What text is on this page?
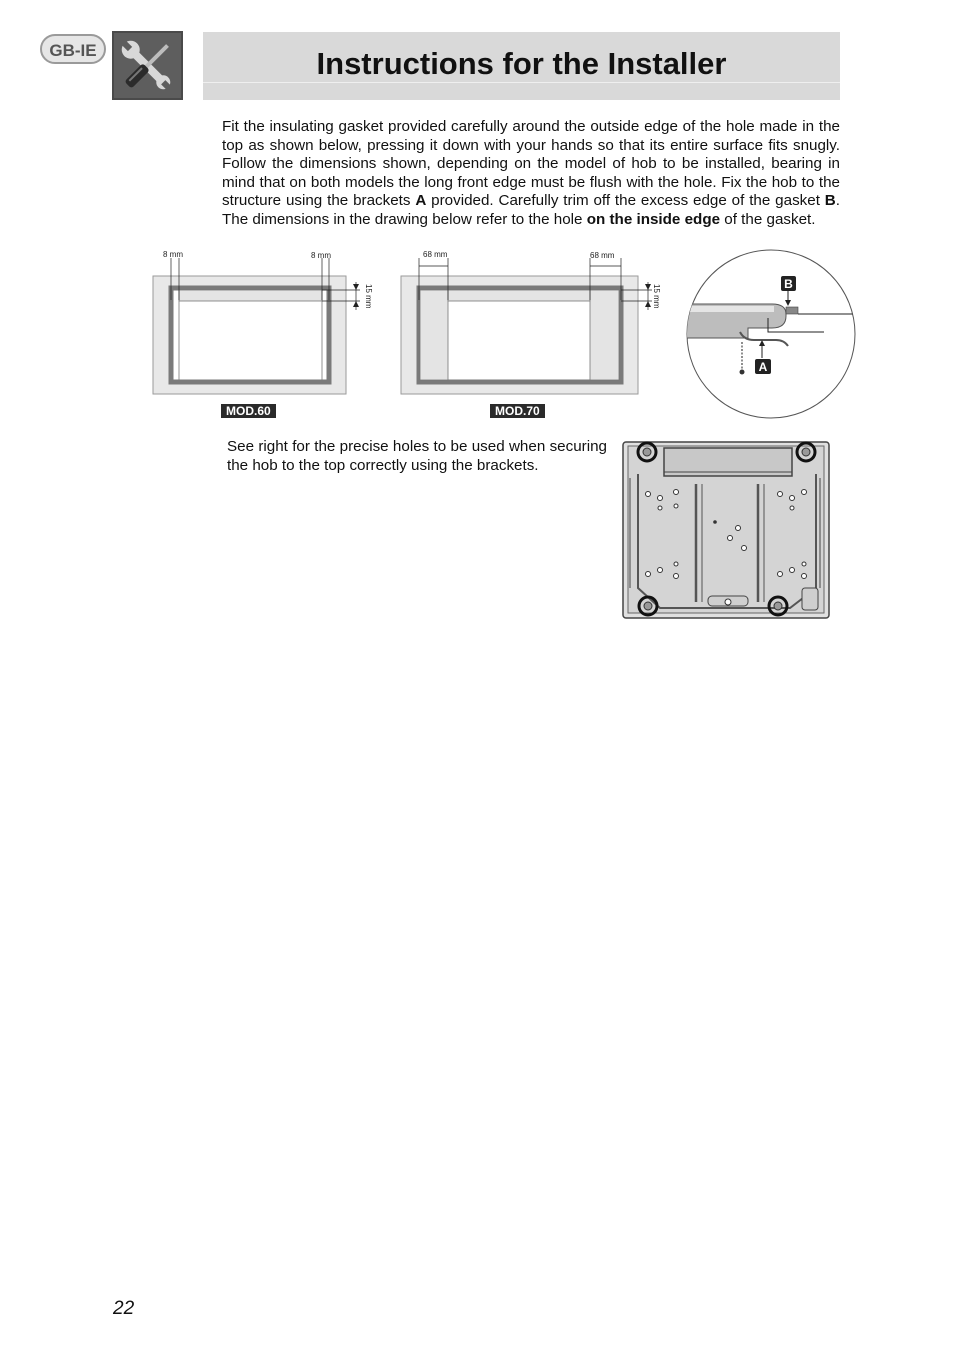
GB-IE	Instructions for the Installer
Fit the insulating gasket provided carefully around the outside edge of the hole made in the top as shown below, pressing it down with your hands so that its entire surface fits snugly. Follow the dimensions shown, depending on the model of hob to be installed, bearing in mind that on both models the long front edge must be flush with the hole. Fix the hob to the structure using the brackets A provided. Carefully trim off the excess edge of the gasket B. The dimensions in the drawing below refer to the hole on the inside edge of the gasket.
8 mm	8 mm
15 mm
MOD.60
68 mm	68 mm
15 mm
MOD.70
B
A
See right for the precise holes to be used when securing the hob to the top correctly using the brackets.
22
